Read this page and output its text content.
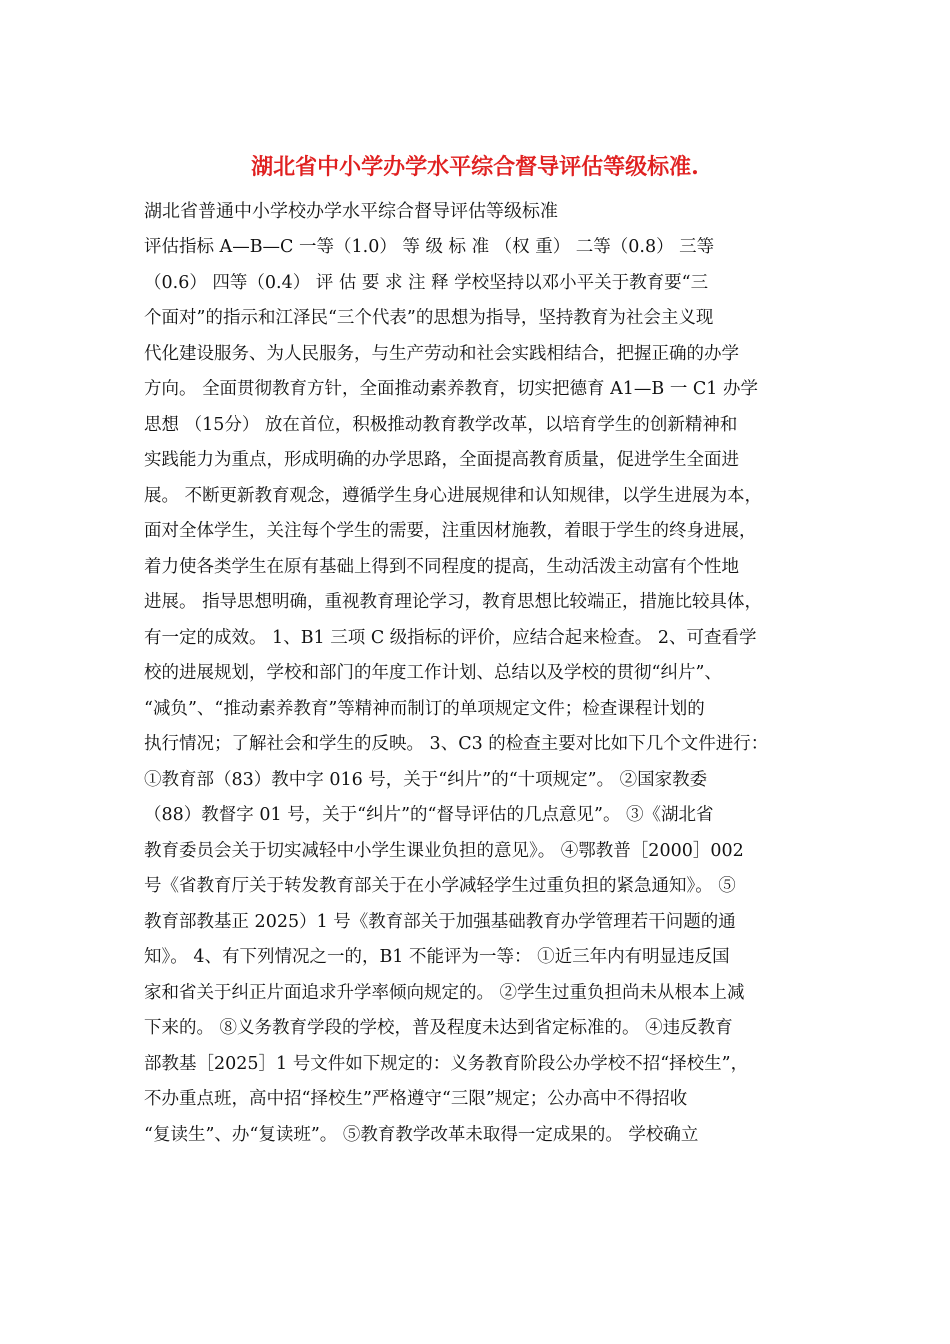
湖北省中小学办学水平综合督导评估等级标准.

湖北省普通中小学校办学水平综合督导评估等级标准

评估指标 A—B—C 一等（1.0） 等 级 标 准 （权 重） 二等（0.8） 三等
（0.6） 四等（0.4） 评 估 要 求 注 释 学校坚持以邓小平关于教育要“三
个面对”的指示和江泽民“三个代表”的思想为指导，坚持教育为社会主义现
代化建设服务、为人民服务，与生产劳动和社会实践相结合，把握正确的办学
方向。 全面贯彻教育方针，全面推动素养教育，切实把德育 A1—B 一 C1 办学
思想 （15分） 放在首位，积极推动教育教学改革，以培育学生的创新精神和
实践能力为重点，形成明确的办学思路，全面提高教育质量，促进学生全面进
展。 不断更新教育观念，遵循学生身心进展规律和认知规律，以学生进展为本，
面对全体学生，关注每个学生的需要，注重因材施教，着眼于学生的终身进展，
着力使各类学生在原有基础上得到不同程度的提高，生动活泼主动富有个性地
进展。 指导思想明确，重视教育理论学习，教育思想比较端正，措施比较具体，
有一定的成效。 1、B1 三项 C 级指标的评价，应结合起来检查。 2、可查看学
校的进展规划，学校和部门的年度工作计划、总结以及学校的贯彻“纠片”、
“减负”、“推动素养教育”等精神而制订的单项规定文件；检查课程计划的
执行情况；了解社会和学生的反映。 3、C3 的检查主要对比如下几个文件进行：
①教育部（83）教中字 016 号，关于“纠片”的“十项规定”。 ②国家教委
（88）教督字 01 号，关于“纠片”的“督导评估的几点意见”。 ③《湖北省
教育委员会关于切实减轻中小学生课业负担的意见》。 ④鄂教普［2000］002
号《省教育厅关于转发教育部关于在小学减轻学生过重负担的紧急通知》。 ⑤
教育部教基正 2025）1 号《教育部关于加强基础教育办学管理若干问题的通
知》。 4、有下列情况之一的，B1 不能评为一等： ①近三年内有明显违反国
家和省关于纠正片面追求升学率倾向规定的。 ②学生过重负担尚未从根本上减
下来的。 ⑧义务教育学段的学校，普及程度未达到省定标准的。 ④违反教育
部教基［2025］1 号文件如下规定的：义务教育阶段公办学校不招“择校生”，
不办重点班，高中招“择校生”严格遵守“三限”规定；公办高中不得招收
“复读生”、办“复读班”。 ⑤教育教学改革未取得一定成果的。 学校确立
